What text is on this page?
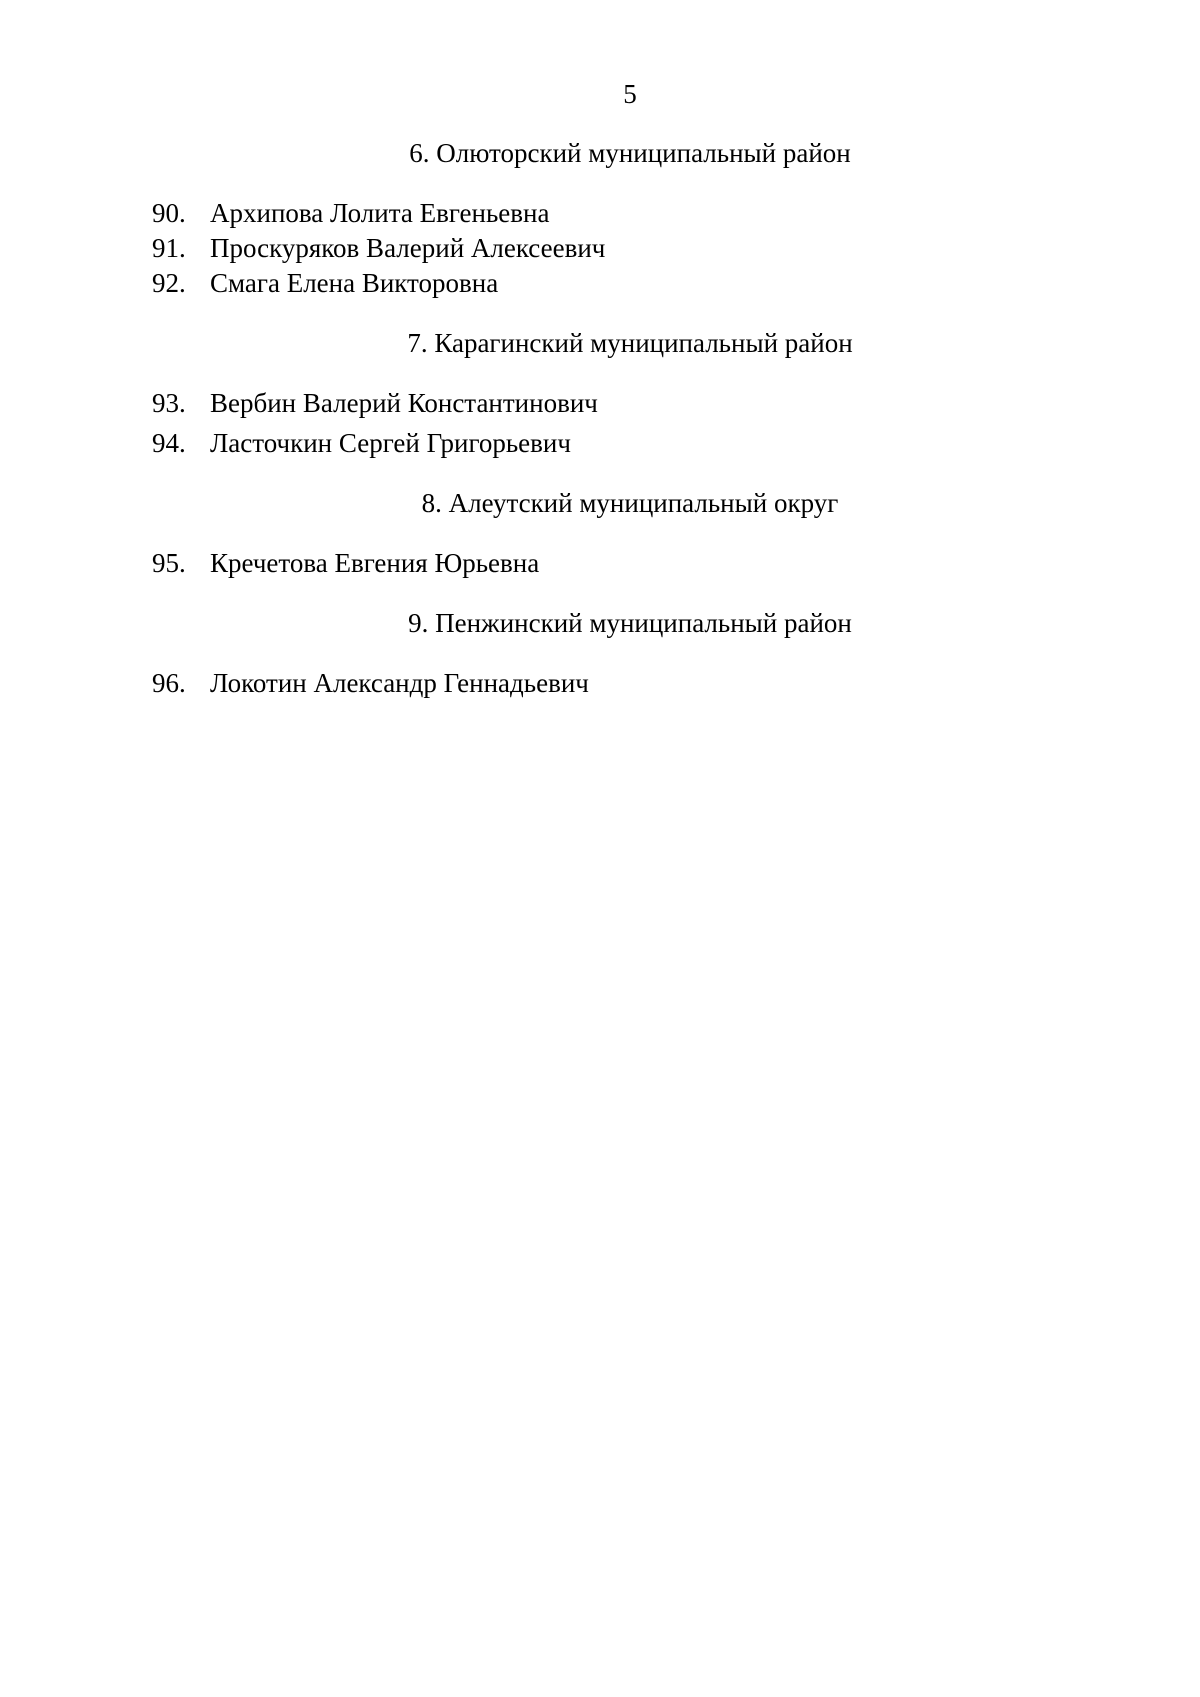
5
6. Олюторский муниципальный район
90. Архипова Лолита Евгеньевна
91. Проскуряков Валерий Алексеевич
92. Смага Елена Викторовна
7. Карагинский муниципальный район
93. Вербин Валерий Константинович
94. Ласточкин Сергей Григорьевич
8. Алеутский муниципальный округ
95. Кречетова Евгения Юрьевна
9. Пенжинский муниципальный район
96. Локотин Александр Геннадьевич
